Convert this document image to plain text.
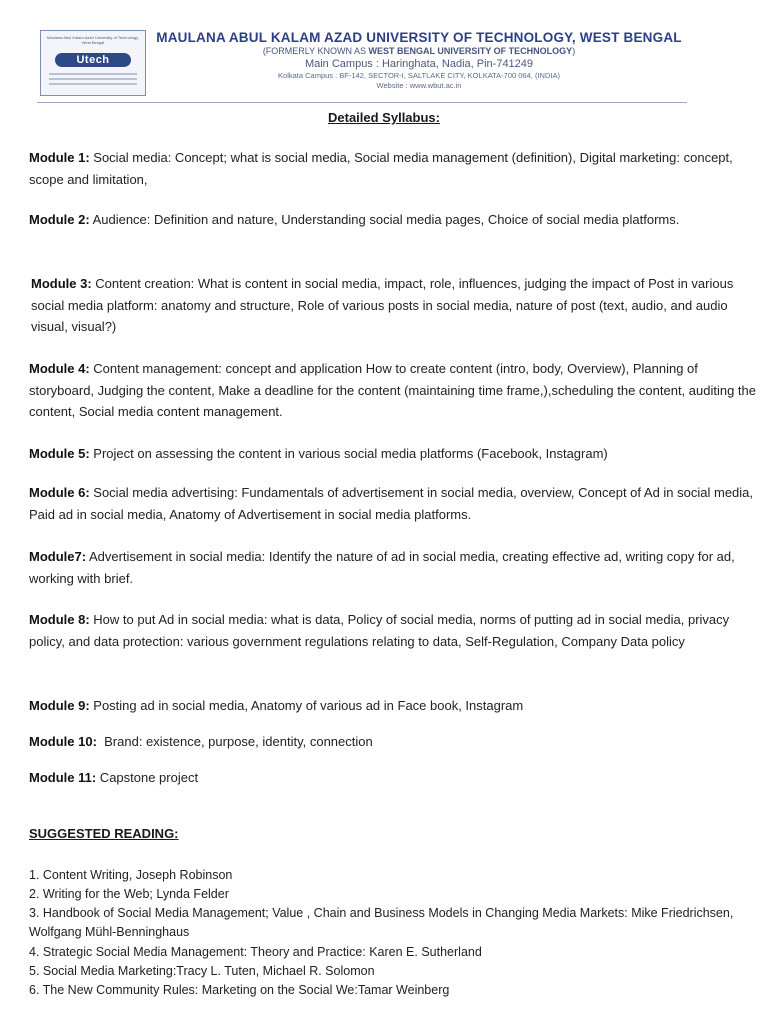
Maulana Abul Kalam Azad University of Technology, West Bengal
Utech
MAULANA ABUL KALAM AZAD UNIVERSITY OF TECHNOLOGY, WEST BENGAL
(FORMERLY KNOWN AS WEST BENGAL UNIVERSITY OF TECHNOLOGY)
Main Campus : Haringhata, Nadia, Pin-741249
Kolkata Campus : BF-142, SECTOR-I, SALTLAKE CITY, KOLKATA-700 064, (INDIA)
Website : www.wbut.ac.in
Detailed Syllabus:
Module 1: Social media: Concept; what is social media, Social media management (definition), Digital marketing: concept, scope and limitation,
Module 2: Audience: Definition and nature, Understanding social media pages, Choice of social media platforms.
Module 3: Content creation: What is content in social media, impact, role, influences, judging the impact of Post in various social media platform: anatomy and structure, Role of various posts in social media, nature of post (text, audio, and audio visual, visual?)
Module 4: Content management: concept and application How to create content (intro, body, Overview), Planning of storyboard, Judging the content, Make a deadline for the content (maintaining time frame,),scheduling the content, auditing the content, Social media content management.
Module 5: Project on assessing the content in various social media platforms (Facebook, Instagram)
Module 6: Social media advertising: Fundamentals of advertisement in social media, overview, Concept of Ad in social media, Paid ad in social media, Anatomy of Advertisement in social media platforms.
Module7: Advertisement in social media: Identify the nature of ad in social media, creating effective ad, writing copy for ad, working with brief.
Module 8: How to put Ad in social media: what is data, Policy of social media, norms of putting ad in social media, privacy policy, and data protection: various government regulations relating to data, Self-Regulation, Company Data policy
Module 9: Posting ad in social media, Anatomy of various ad in Face book, Instagram
Module 10:  Brand: existence, purpose, identity, connection
Module 11: Capstone project
SUGGESTED READING:
1. Content Writing, Joseph Robinson
2. Writing for the Web; Lynda Felder
3. Handbook of Social Media Management; Value , Chain and Business Models in Changing Media Markets: Mike Friedrichsen, Wolfgang Mühl-Benninghaus
4. Strategic Social Media Management: Theory and Practice: Karen E. Sutherland
5. Social Media Marketing:Tracy L. Tuten, Michael R. Solomon
6. The New Community Rules: Marketing on the Social We:Tamar Weinberg
